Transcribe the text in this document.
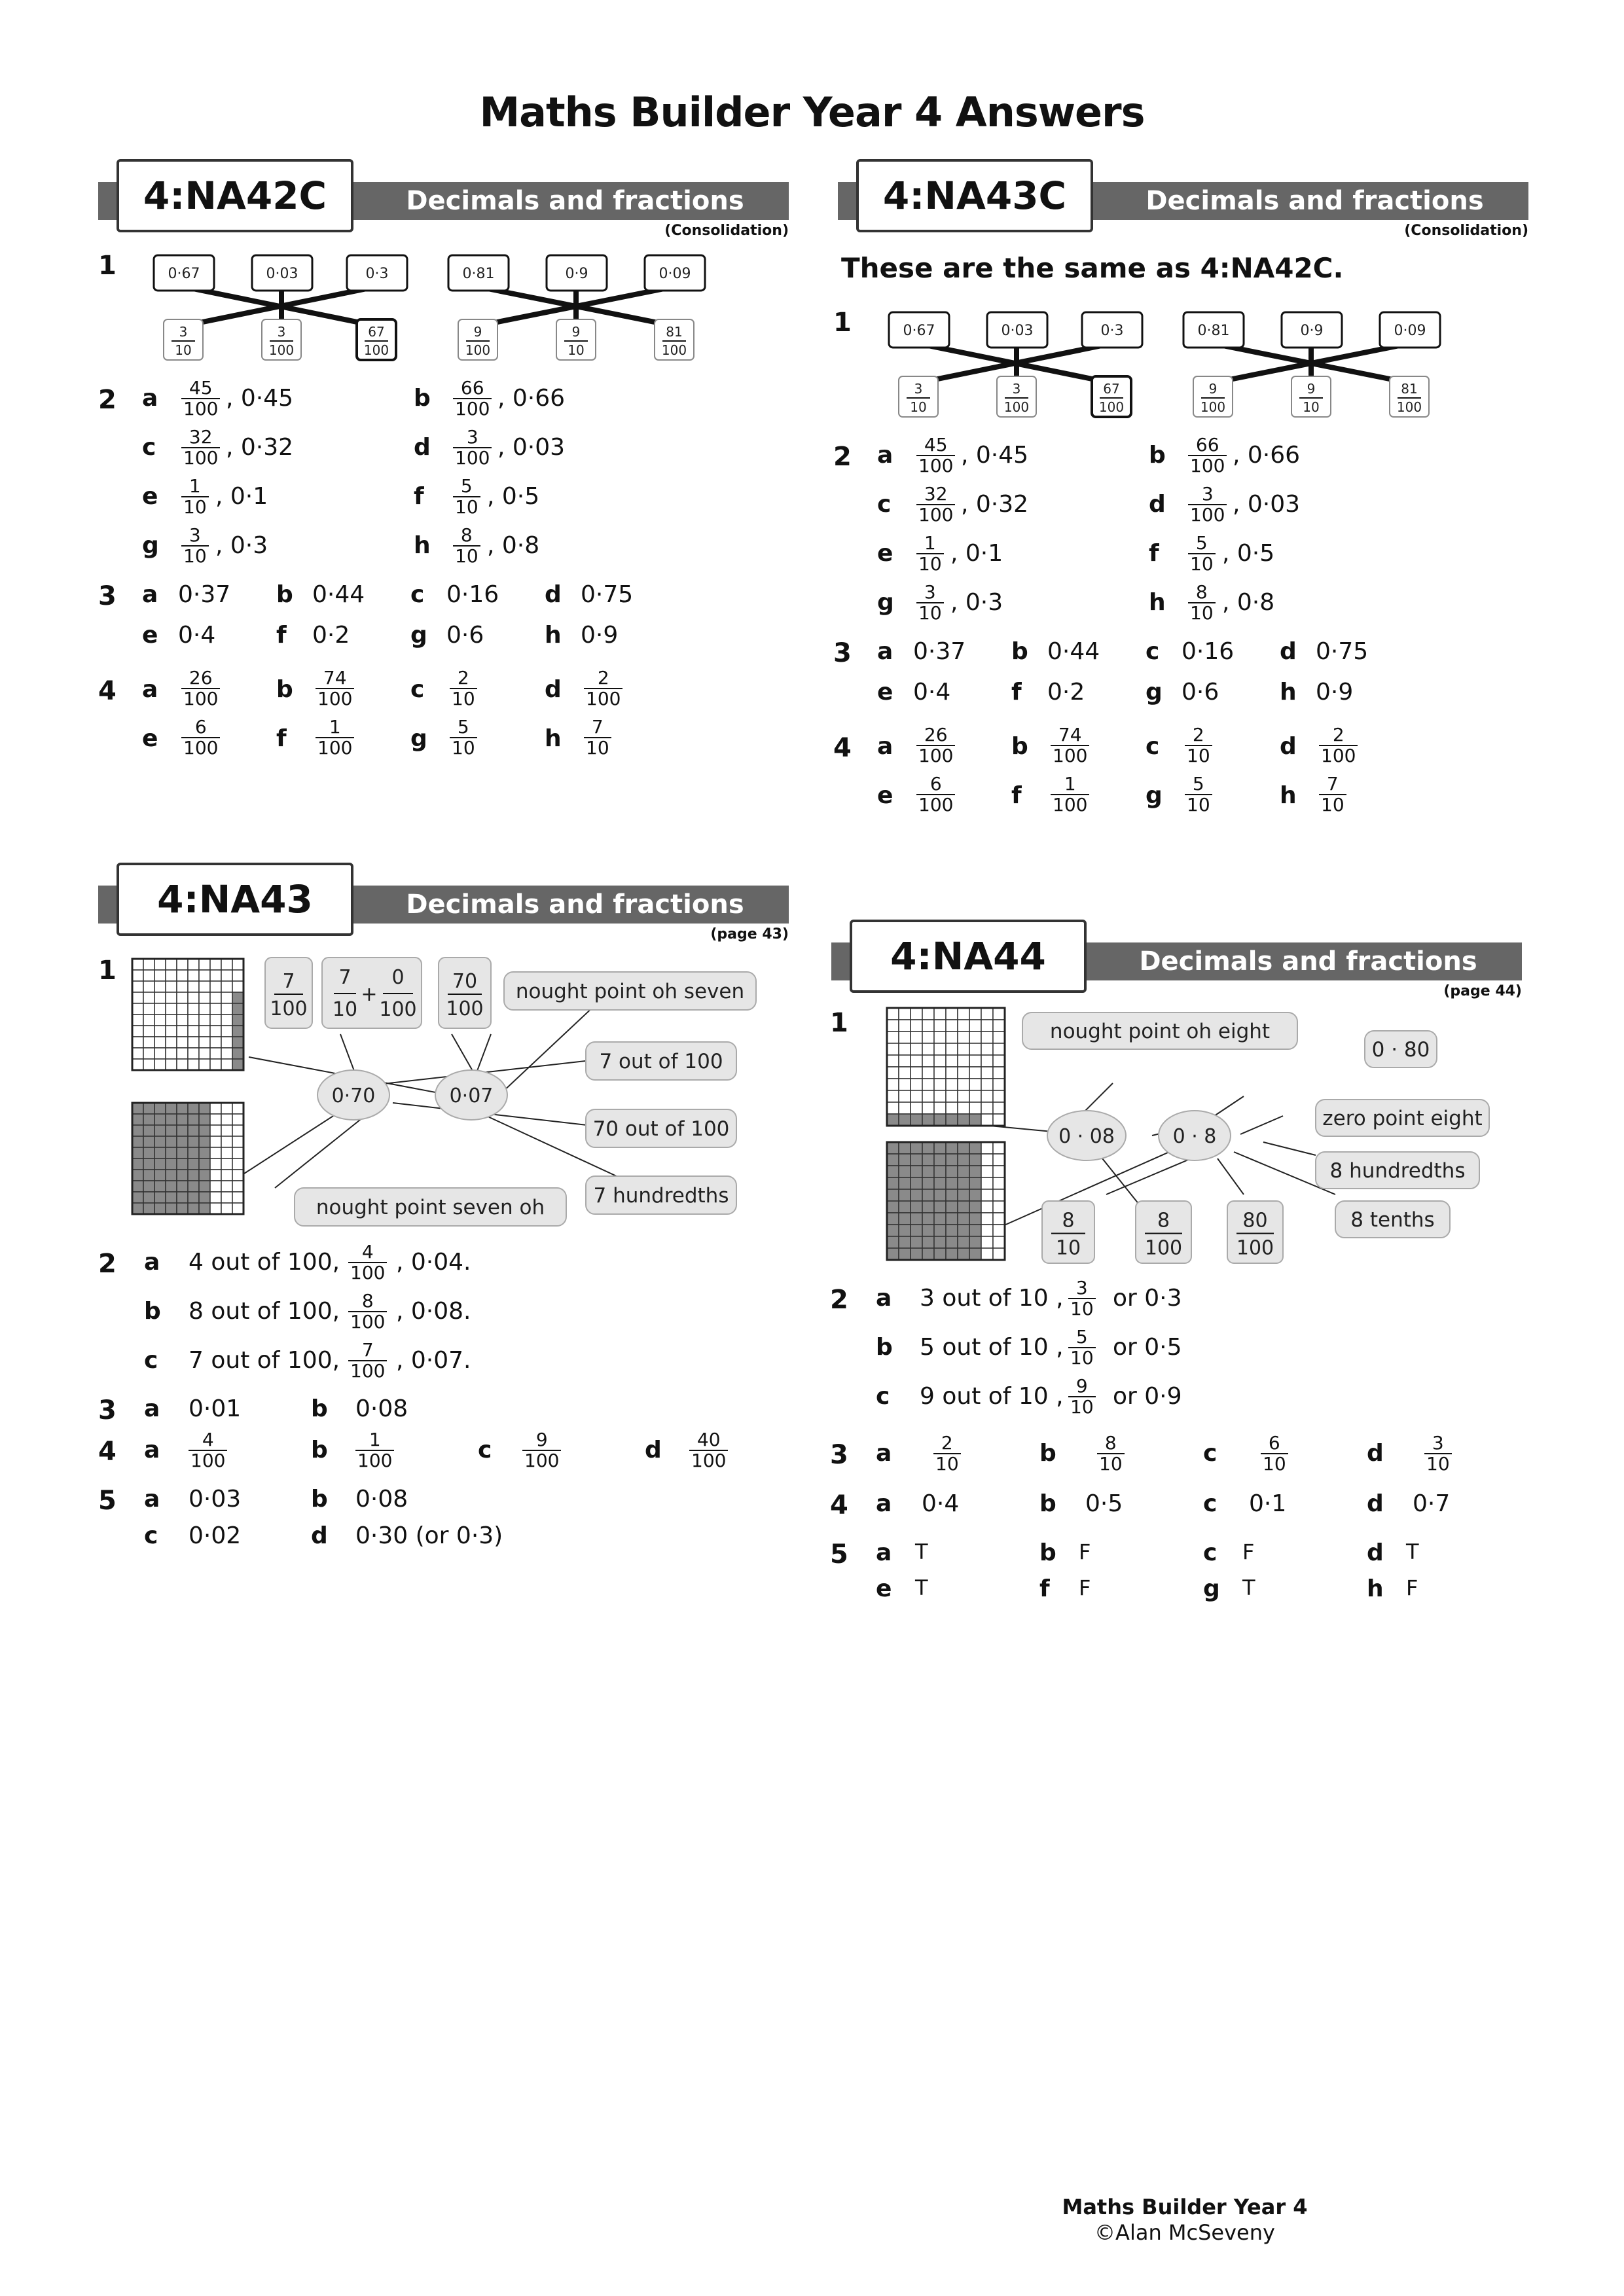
Maths Builder Year 4 Answers
4:NA42C	Decimals and fractions
(Consolidation)
1	0·67	0·03	0·3	0·81	0·9	0·09
3
10
3
100
67
100
9
100
9
10
81
100
2 a $\frac{45}{100}$ , 0·45	b $\frac{66}{100}$ , 0·66
c $\frac{32}{100}$ , 0·32	d $\frac{3}{100}$ , 0·03
e $\frac{1}{10}$ , 0·1	f $\frac{5}{10}$ , 0·5
g $\frac{3}{10}$ , 0·3	h $\frac{8}{10}$ , 0·8
3 a 0·37 b 0·44 c 0·16 d 0·75
e 0·4	f 0·2	g 0·6	h 0·9
4 a $\frac{26}{100}$ b $\frac{74}{100}$ c $\frac{2}{10}$	d $\frac{2}{100}$
e $\frac{6}{100}$ f $\frac{1}{100}$ g $\frac{5}{10}$	h $\frac{7}{10}$
4:NA43C	Decimals and fractions
(Consolidation)
These are the same as 4:NA42C.
1	0·67	0·03	0·3	0·81	0·9	0·09
3
10
3
100
67
100
9
100
9
10
81
100
2 a $\frac{45}{100}$ , 0·45	b $\frac{66}{100}$ , 0·66
c $\frac{32}{100}$ , 0·32	d $\frac{3}{100}$ , 0·03
e $\frac{1}{10}$ , 0·1	f $\frac{5}{10}$ , 0·5
g $\frac{3}{10}$ , 0·3	h $\frac{8}{10}$ , 0·8
3 a 0·37 b 0·44 c 0·16 d 0·75
e 0·4	f 0·2	g 0·6	h 0·9
4 a $\frac{26}{100}$ b $\frac{74}{100}$ c $\frac{2}{10}$	d $\frac{2}{100}$
e $\frac{6}{100}$ f $\frac{1}{100}$ g $\frac{5}{10}$	h $\frac{7}{10}$
4:NA43	Decimals and fractions
(page 43)
1	7
100
7
10
+
0
100
70
100
0·70	0·07
nought point oh seven
7 out of 100
70 out of 100
7 hundredths
nought point seven oh
2 a 4 out of 100, $\frac{4}{100}$ , 0·04.
b 8 out of 100, $\frac{8}{100}$ , 0·08.
c 7 out of 100, $\frac{7}{100}$ , 0·07.
3 a 0·01	b 0·08
4 a $\frac{4}{100}$	b $\frac{1}{100}$	c $\frac{9}{100}$	d $\frac{40}{100}$
5 a 0·03	b 0·08
c 0·02	d 0·30 (or 0·3)
4:NA44	Decimals and fractions
(page 44)
1
0 · 08	0 · 8
nought point oh eight
0 · 80
zero point eight
8 hundredths
8 tenths
8
10
8
100
80
100
2 a 3 out of 10 , $\frac{3}{10}$ or 0·3
b 5 out of 10 , $\frac{5}{10}$ or 0·5
c 9 out of 10 , $\frac{9}{10}$ or 0·9
3 a $\frac{2}{10}$	b $\frac{8}{10}$	c $\frac{6}{10}$	d $\frac{3}{10}$
4 a 0·4	b 0·5	c 0·1	d 0·7
5 a T	b F	c F	d T
e T	f F	g T	h F
Maths Builder Year 4
©Alan McSeveny
